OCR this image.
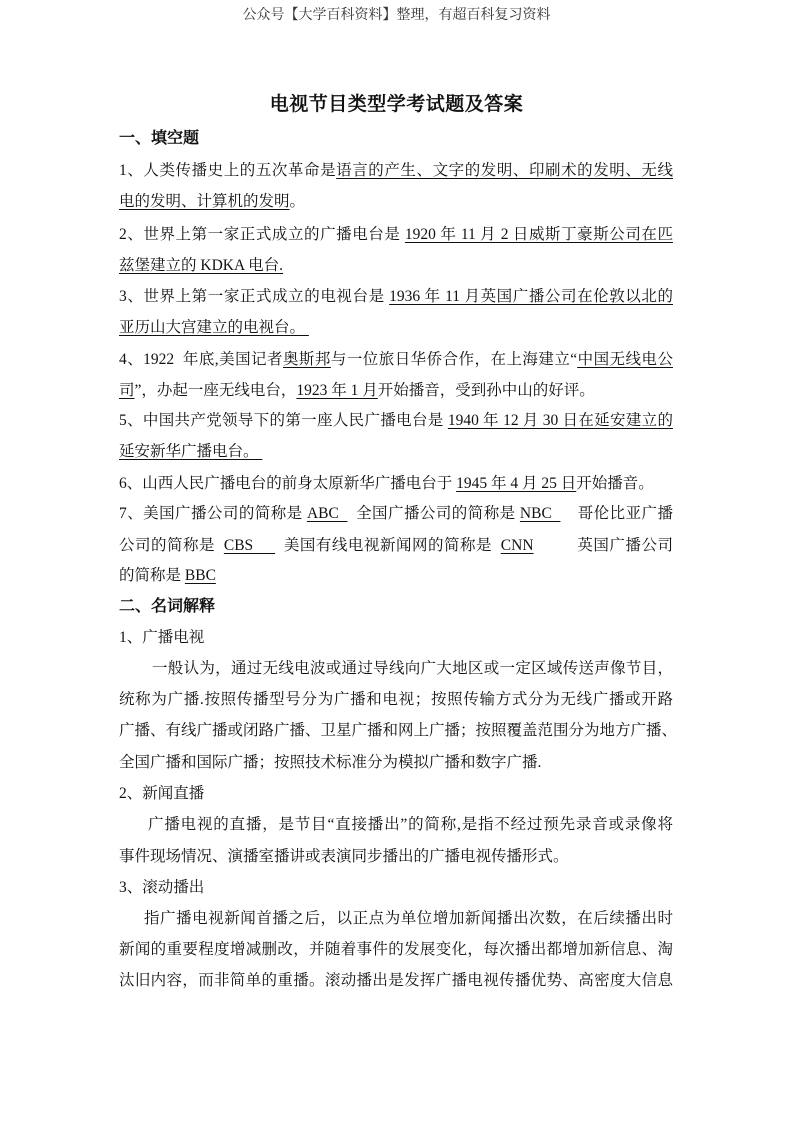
公众号【大学百科资料】整理，有超百科复习资料
电视节目类型学考试题及答案
一、填空题
1、人类传播史上的五次革命是语言的产生、文字的发明、印刷术的发明、无线
电的发明、计算机的发明。
2、世界上第一家正式成立的广播电台是 1920 年 11 月 2 日威斯丁豪斯公司在匹
兹堡建立的 KDKA 电台.
3、世界上第一家正式成立的电视台是 1936 年 11 月英国广播公司在伦敦以北的
亚历山大宫建立的电视台。
4、1922  年底,美国记者奥斯邦与一位旅日华侨合作，在上海建立“中国无线电公
司”，办起一座无线电台，1923 年 1 月开始播音，受到孙中山的好评。
5、中国共产党领导下的第一座人民广播电台是 1940 年 12 月 30 日在延安建立的
延安新华广播电台。
6、山西人民广播电台的前身太原新华广播电台于 1945 年 4 月 25 日开始播音。
7、美国广播公司的简称是 ABC    全国广播公司的简称是 NBC      哥伦比亚广播
公司的简称是  CBS       美国有线电视新闻网的简称是  CNN          英国广播公司
的简称是 BBC
二、名词解释
1、广播电视
一般认为，通过无线电波或通过导线向广大地区或一定区域传送声像节目，
统称为广播.按照传播型号分为广播和电视；按照传输方式分为无线广播或开路
广播、有线广播或闭路广播、卫星广播和网上广播；按照覆盖范围分为地方广播、
全国广播和国际广播；按照技术标准分为模拟广播和数字广播.
2、新闻直播
广播电视的直播，是节目“直接播出”的简称,是指不经过预先录音或录像将
事件现场情况、演播室播讲或表演同步播出的广播电视传播形式。
3、滚动播出
指广播电视新闻首播之后，以正点为单位增加新闻播出次数，在后续播出时
新闻的重要程度增减删改，并随着事件的发展变化，每次播出都增加新信息、淘
汰旧内容，而非简单的重播。滚动播出是发挥广播电视传播优势、高密度大信息
